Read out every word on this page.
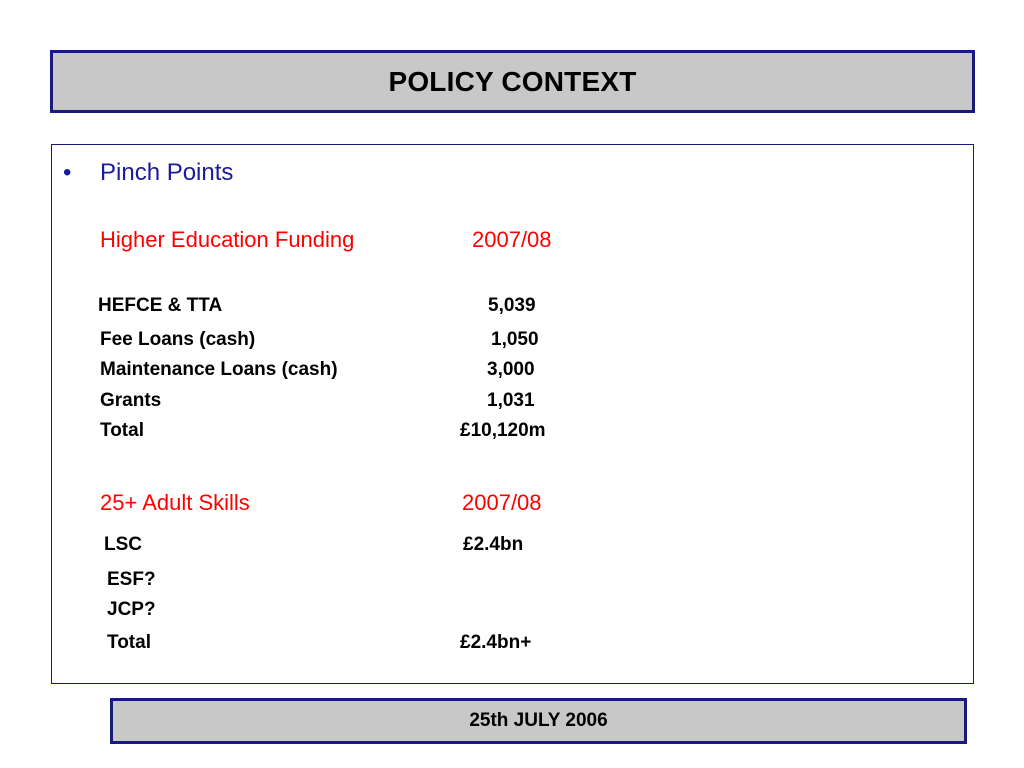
POLICY CONTEXT
• Pinch Points
Higher Education Funding	2007/08
HEFCE & TTA	5,039
Fee Loans (cash)	1,050
Maintenance Loans (cash)	3,000
Grants	1,031
Total	£10,120m
25+ Adult Skills	2007/08
LSC	£2.4bn
ESF?
JCP?
Total	£2.4bn+
25th JULY 2006
